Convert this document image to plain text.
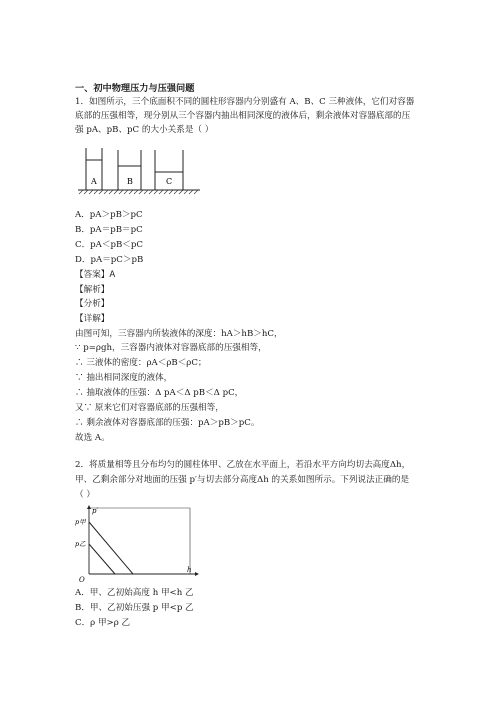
一、初中物理压力与压强问题
1．如图所示，三个底面积不同的圆柱形容器内分别盛有 A、B、C 三种液体，它们对容器
底部的压强相等，现分别从三个容器内抽出相同深度的液体后，剩余液体对容器底部的压
强 pA、pB、pC 的大小关系是（ ）
A	B	C
A．pA＞pB＞pC
B．pA＝pB＝pC
C．pA＜pB＜pC
D．pA＝pC＞pB
【答案】A
【解析】
【分析】
【详解】
由图可知，三容器内所装液体的深度：hA＞hB＞hC，
∵ p=ρgh，三容器内液体对容器底部的压强相等，
∴ 三液体的密度：ρA＜ρB＜ρC；
∵ 抽出相同深度的液体，
∴ 抽取液体的压强：Δ pA＜Δ pB＜Δ pC，
又∵ 原来它们对容器底部的压强相等，
∴ 剩余液体对容器底部的压强：pA＞pB＞pC。
故选 A。
2．将质量相等且分布均匀的圆柱体甲、乙放在水平面上，若沿水平方向均切去高度Δh，
甲、乙剩余部分对地面的压强 p′与切去部分高度Δh 的关系如图所示。下列说法正确的是
（ ）
p′
p甲
p乙
O
h
A．甲、乙初始高度 h 甲<h 乙
B．甲、乙初始压强 p 甲<p 乙
C．ρ 甲>ρ 乙
